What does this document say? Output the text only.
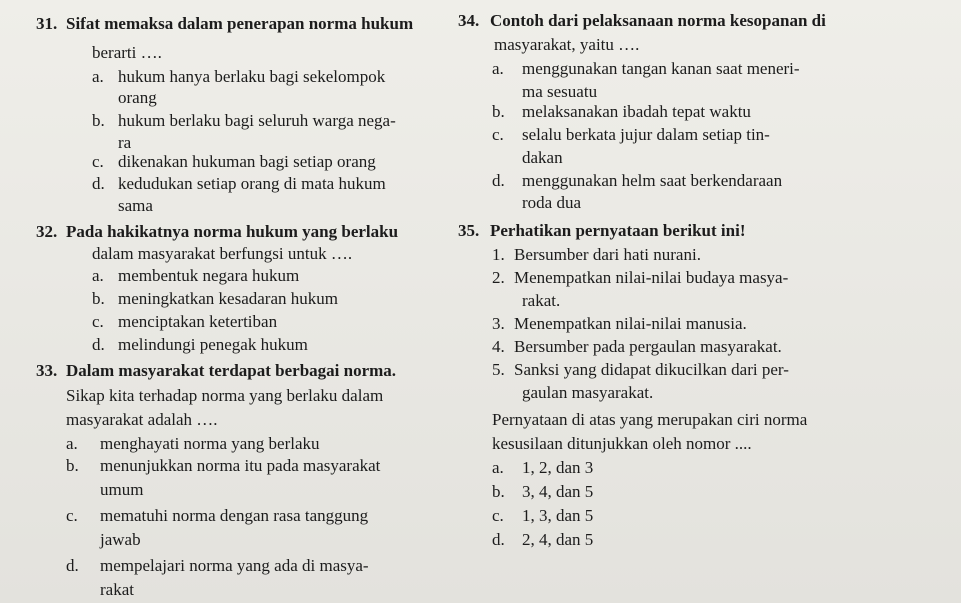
31. Sifat memaksa dalam penerapan norma hukum
berarti ….
a. hukum hanya berlaku bagi sekelompok
orang
b. hukum berlaku bagi seluruh warga nega-
ra
c. dikenakan hukuman bagi setiap orang
d. kedudukan setiap orang di mata hukum
sama
32. Pada hakikatnya norma hukum yang berlaku
dalam masyarakat berfungsi untuk ….
a. membentuk negara hukum
b. meningkatkan kesadaran hukum
c. menciptakan ketertiban
d. melindungi penegak hukum
33. Dalam masyarakat terdapat berbagai norma.
Sikap kita terhadap norma yang berlaku dalam
masyarakat adalah ….
a. menghayati norma yang berlaku
b. menunjukkan norma itu pada masyarakat
umum
c. mematuhi norma dengan rasa tanggung
jawab
d. mempelajari norma yang ada di masya-
rakat
34. Contoh dari pelaksanaan norma kesopanan di
masyarakat, yaitu ….
a. menggunakan tangan kanan saat meneri-
ma sesuatu
b. melaksanakan ibadah tepat waktu
c. selalu berkata jujur dalam setiap tin-
dakan
d. menggunakan helm saat berkendaraan
roda dua
35. Perhatikan pernyataan berikut ini!
1. Bersumber dari hati nurani.
2. Menempatkan nilai-nilai budaya masya-
rakat.
3. Menempatkan nilai-nilai manusia.
4. Bersumber pada pergaulan masyarakat.
5. Sanksi yang didapat dikucilkan dari per-
gaulan masyarakat.
Pernyataan di atas yang merupakan ciri norma
kesusilaan ditunjukkan oleh nomor ....
a. 1, 2, dan 3
b. 3, 4, dan 5
c. 1, 3, dan 5
d. 2, 4, dan 5
